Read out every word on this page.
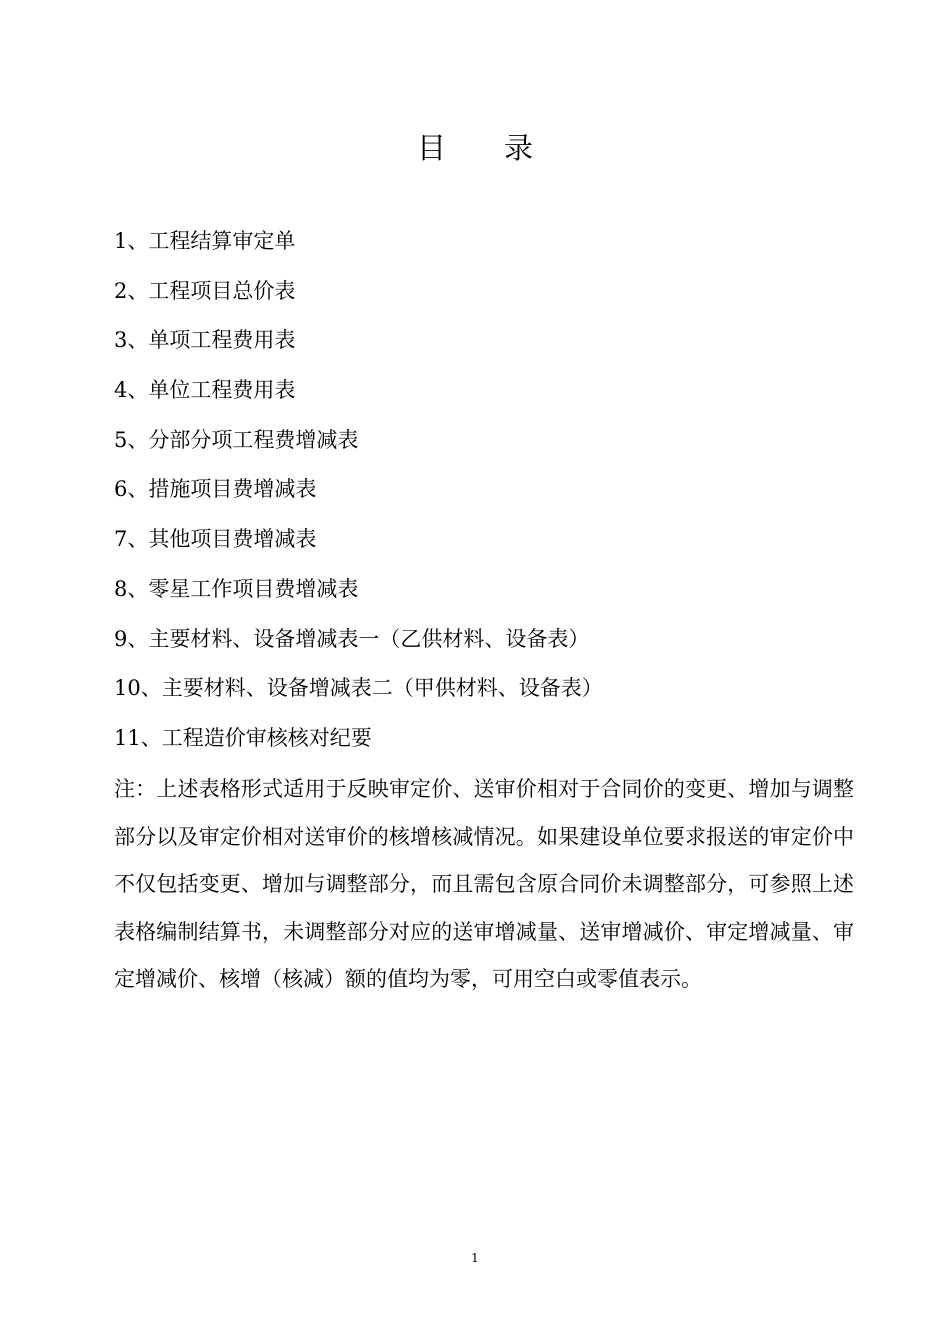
目　　录
1、工程结算审定单
2、工程项目总价表
3、单项工程费用表
4、单位工程费用表
5、分部分项工程费增减表
6、措施项目费增减表
7、其他项目费增减表
8、零星工作项目费增减表
9、主要材料、设备增减表一（乙供材料、设备表）
10、主要材料、设备增减表二（甲供材料、设备表）
11、工程造价审核核对纪要

注：上述表格形式适用于反映审定价、送审价相对于合同价的变更、增加与调整部分以及审定价相对送审价的核增核减情况。如果建设单位要求报送的审定价中不仅包括变更、增加与调整部分，而且需包含原合同价未调整部分，可参照上述表格编制结算书，未调整部分对应的送审增减量、送审增减价、审定增减量、审定增减价、核增（核减）额的值均为零，可用空白或零值表示。

1
